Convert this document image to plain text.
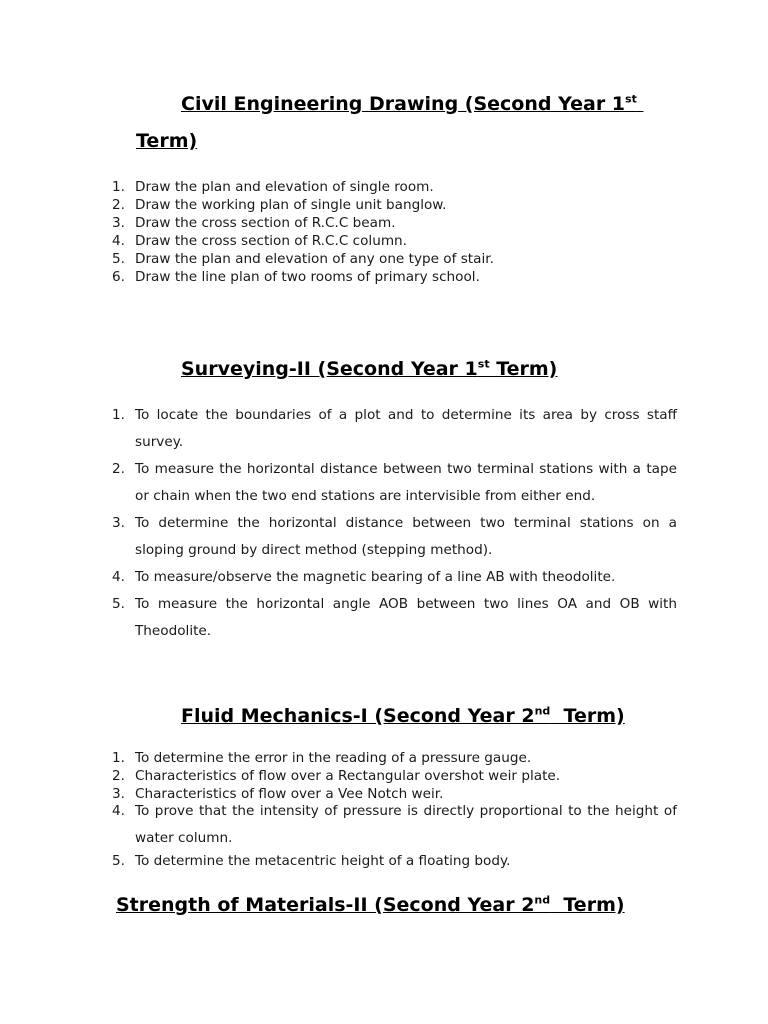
Civil Engineering Drawing (Second Year 1st
Term)
1. Draw the plan and elevation of single room.
2. Draw the working plan of single unit banglow.
3. Draw the cross section of R.C.C beam.
4. Draw the cross section of R.C.C column.
5. Draw the plan and elevation of any one type of stair.
6. Draw the line plan of two rooms of primary school.
Surveying-II (Second Year 1st Term)
1. To locate the boundaries of a plot and to determine its area by cross staff survey.
2. To measure the horizontal distance between two terminal stations with a tape or chain when the two end stations are intervisible from either end.
3. To determine the horizontal distance between two terminal stations on a sloping ground by direct method (stepping method).
4. To measure/observe the magnetic bearing of a line AB with theodolite.
5. To measure the horizontal angle AOB between two lines OA and OB with Theodolite.
Fluid Mechanics-I (Second Year 2nd  Term)
1. To determine the error in the reading of a pressure gauge.
2. Characteristics of flow over a Rectangular overshot weir plate.
3. Characteristics of flow over a Vee Notch weir.
4. To prove that the intensity of pressure is directly proportional to the height of water column.
5. To determine the metacentric height of a floating body.
Strength of Materials-II (Second Year 2nd  Term)
